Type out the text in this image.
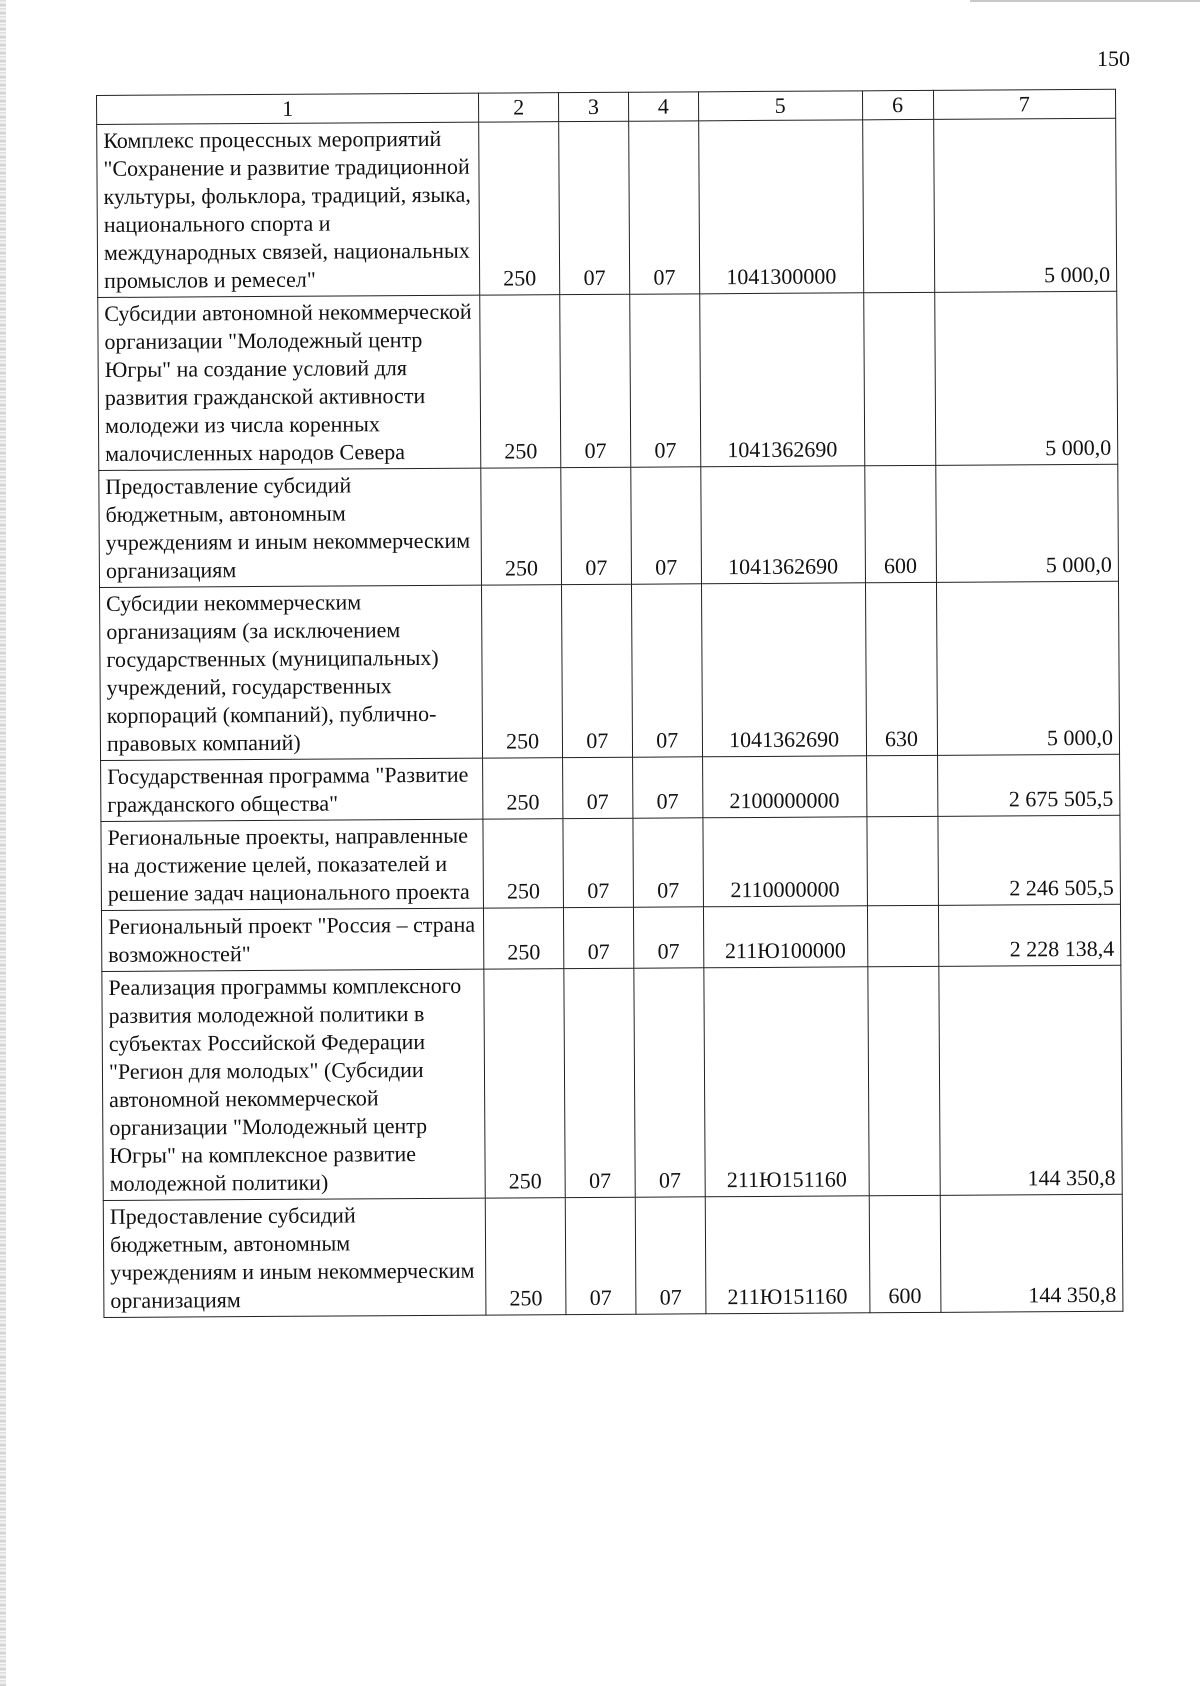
150
1	2	3	4	5	6	7
Комплекс процессных мероприятий "Сохранение и развитие традиционной культуры, фольклора, традиций, языка, национального спорта и международных связей, национальных промыслов и ремесел"	250	07	07	1041300000		5 000,0
Субсидии автономной некоммерческой организации "Молодежный центр Югры" на создание условий для развития гражданской активности молодежи из числа коренных малочисленных народов Севера	250	07	07	1041362690		5 000,0
Предоставление субсидий бюджетным, автономным учреждениям и иным некоммерческим организациям	250	07	07	1041362690	600	5 000,0
Субсидии некоммерческим организациям (за исключением государственных (муниципальных) учреждений, государственных корпораций (компаний), публично-правовых компаний)	250	07	07	1041362690	630	5 000,0
Государственная программа "Развитие гражданского общества"	250	07	07	2100000000		2 675 505,5
Региональные проекты, направленные на достижение целей, показателей и решение задач национального проекта	250	07	07	2110000000		2 246 505,5
Региональный проект "Россия – страна возможностей"	250	07	07	211Ю100000		2 228 138,4
Реализация программы комплексного развития молодежной политики в субъектах Российской Федерации "Регион для молодых" (Субсидии автономной некоммерческой организации "Молодежный центр Югры" на комплексное развитие молодежной политики)	250	07	07	211Ю151160		144 350,8
Предоставление субсидий бюджетным, автономным учреждениям и иным некоммерческим организациям	250	07	07	211Ю151160	600	144 350,8
